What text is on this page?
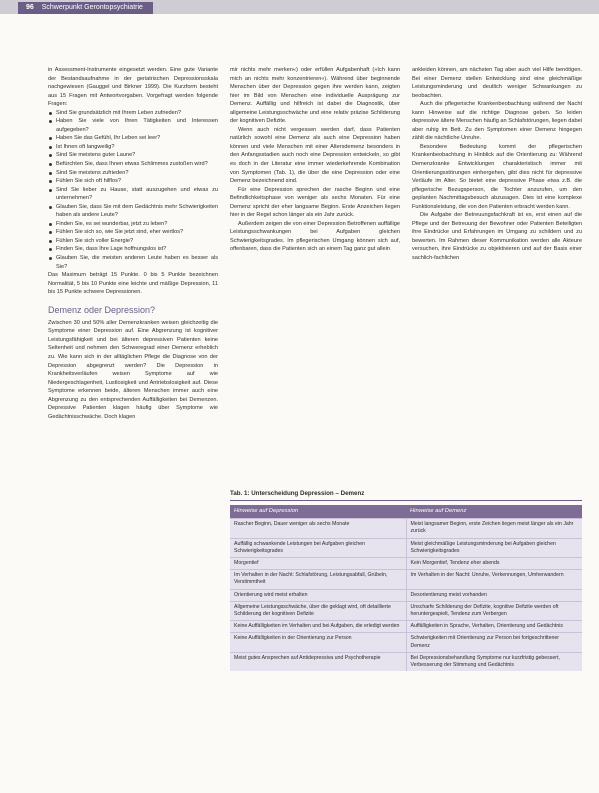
96 Schwerpunkt Gerontopsychiatrie

in Assessment-Instrumente eingesetzt werden. Eine gute Variante der Bestandsaufnahme in der geriatrischen Depressionsskala nachgewiesen (Gauggel und Birkner 1999). Die Kurzform besteht aus 15 Fragen mit Antwortvorgaben. Vorgefragt werden folgende Fragen:

Sind Sie grundsätzlich mit Ihrem Leben zufrieden?
Haben Sie viele von Ihren Tätigkeiten und Interessen aufgegeben?
Haben Sie das Gefühl, Ihr Leben sei leer?
Ist Ihnen oft langweilig?
Sind Sie meistens guter Laune?
Befürchten Sie, dass Ihnen etwas Schlimmes zustoßen wird?
Sind Sie meistens zufrieden?
Fühlen Sie sich oft hilflos?
Sind Sie lieber zu Hause, statt auszugehen und etwas zu unternehmen?
Glauben Sie, dass Sie mit dem Gedächtnis mehr Schwierigkeiten haben als andere Leute?
Finden Sie, es sei wunderbar, jetzt zu leben?
Fühlen Sie sich so, wie Sie jetzt sind, eher wertlos?
Fühlen Sie sich voller Energie?
Finden Sie, dass Ihre Lage hoffnungslos ist?
Glauben Sie, die meisten anderen Leute haben es besser als Sie?

Das Maximum beträgt 15 Punkte. 0 bis 5 Punkte bezeichnen Normalität, 5 bis 10 Punkte eine leichte und mäßige Depression, 11 bis 15 Punkte schwere Depressionen.

Demenz oder Depression?

Zwischen 30 und 50% aller Demenzkranken weisen gleichzeitig die Symptome einer Depression auf. Eine Abgrenzung ist kognitiver Leistungsfähigkeit und bei älteren depressiven Patienten keine Seltenheit und nehmen den Schweregrad einer Demenz erheblich zu. Wie kann sich in der alltäglichen Pflege die Diagnose von der Depression abgegrenzt werden? Die Depression in Krankheitsverläufen weisen Symptome auf wie Niedergeschlagenheit, Lustlosigkeit und Antriebslosigkeit auf. Diese Symptome erkennen beide, älteren Menschen immer auch eine Abgrenzung zu den entsprechenden Auffälligkeiten bei Demenzen. Depressive Patienten klagen häufig über Symptome wie Gedächtnisschwäche. Doch klagen

mir nichts mehr merken«) oder erfüllen Aufgabenhaft (»Ich kann mich an nichts mehr konzentrieren«). Während über beginnende Menschen über der Depression gegen ihre werden kann, zeigten hier im Bild von Menschen eine individuelle Ausprägung zur Demenz. Auffällig und hilfreich ist dabei die Diagnostik, über allgemeine Leistungsschwäche und eine relativ präzise Schilderung der kognitiven Defizite.

Wenn auch nicht vergessen werden darf, dass Patienten natürlich sowohl eine Demenz als auch eine Depression haben können und viele Menschen mit einer Altersdemenz besonders in den Anfangsstadien auch noch eine Depression entwickeln, so gibt es doch in der Literatur eine immer wiederkehrende Kombination von Symptomen (Tab. 1), die über die eine Depression oder eine Demenz bezeichnend sind.

Für eine Depression sprechen der rasche Beginn und eine Befindlichkeitsphase von weniger als sechs Monaten. Für eine Demenz spricht der eher langsame Beginn. Erste Anzeichen liegen hier in der Regel schon länger als ein Jahr zurück.

Außerdem zeigen die von einer Depression Betroffenen auffällige Leistungsschwankungen bei Aufgaben gleichen Schwierigkeitsgrades. Im pflegerischen Umgang können sich auf, offenbaren, dass die Patienten sich an einem Tag ganz gut allein

ankleiden können, am nächsten Tag aber auch viel Hilfe benötigen. Bei einer Demenz stellen Entwicklung sind eine gleichmäßige Leistungsminderung und deutlich weniger Schwankungen zu beobachten.

Auch die pflegerische Krankenbeobachtung während der Nacht kann Hinweise auf die richtige Diagnose geben. So leiden depressive ältere Menschen häufig an Schlafstörungen, liegen dabei aber ruhig im Bett. Zu den Symptomen einer Demenz hingegen zählt die nächtliche Unruhe.

Besondere Bedeutung kommt der pflegerischen Krankenbeobachtung in Hinblick auf die Orientierung zu: Während Demenzkranke Entwicklungen charakteristisch immer mit Orientierungsstörungen einhergehen, gibt dies nicht für depressive Verläufe im Alter. So bietet eine depressive Phase etwa z.B. die pflegerische Bezugsperson, die Tochter anzurufen, um den geplanten Nachmittagsbesuch abzusagen. Dies ist eine komplexe Funktionsleistung, die von den Patienten erbracht werden kann.

Die Aufgabe der Betreuungsfachkraft ist es, erst einen auf die Pflege und der Betreuung der Bewohner oder Patienten Beteiligten ihre Eindrücke und Erfahrungen im Umgang zu schildern und zu bewerten. Im Rahmen dieser Kommunikation werden alle Akteure versuchen, ihre Eindrücke zu objektivieren und auf der Basis einer sachlich-fachlichen

Tab. 1: Unterscheidung Depression – Demenz
Hinweise auf Depression	Hinweise auf Demenz
Rascher Beginn, Dauer weniger als sechs Monate	Meist langsamer Beginn, erste Zeichen liegen meist länger als ein Jahr zurück
Auffällig schwankende Leistungen bei Aufgaben gleichen Schwierigkeitsgrades	Meist gleichmäßige Leistungsminderung bei Aufgaben gleichen Schwierigkeitsgrades
Morgentief	Kein Morgentief, Tendenz eher abends
Im Verhalten in der Nacht: Schlafstörung, Leistungsabfall, Grübeln, Verstimmtheit	Im Verhalten in der Nacht: Unruhe, Verkennungen, Umherwandern
Orientierung wird meist erhalten	Desorientierung meist vorhanden
Allgemeine Leistungsschwäche, über die geklagt wird, oft detaillierte Schilderung der kognitiven Defizite	Unscharfe Schilderung der Defizite, kognitive Defizite werden oft heruntergespielt, Tendenz zum Verbergen
Keine Auffälligkeiten im Verhalten und bei Aufgaben, die erledigt werden	Auffälligkeiten in Sprache, Verhalten, Orientierung und Gedächtnis
Keine Auffälligkeiten in der Orientierung zur Person	Schwierigkeiten mit Orientierung zur Person bei fortgeschrittener Demenz
Meist gutes Ansprechen auf Antidepressiva und Psychotherapie	Bei Depressionsbehandlung Symptome nur kurzfristig gebessert, Verbesserung der Stimmung und Gedächtnis
